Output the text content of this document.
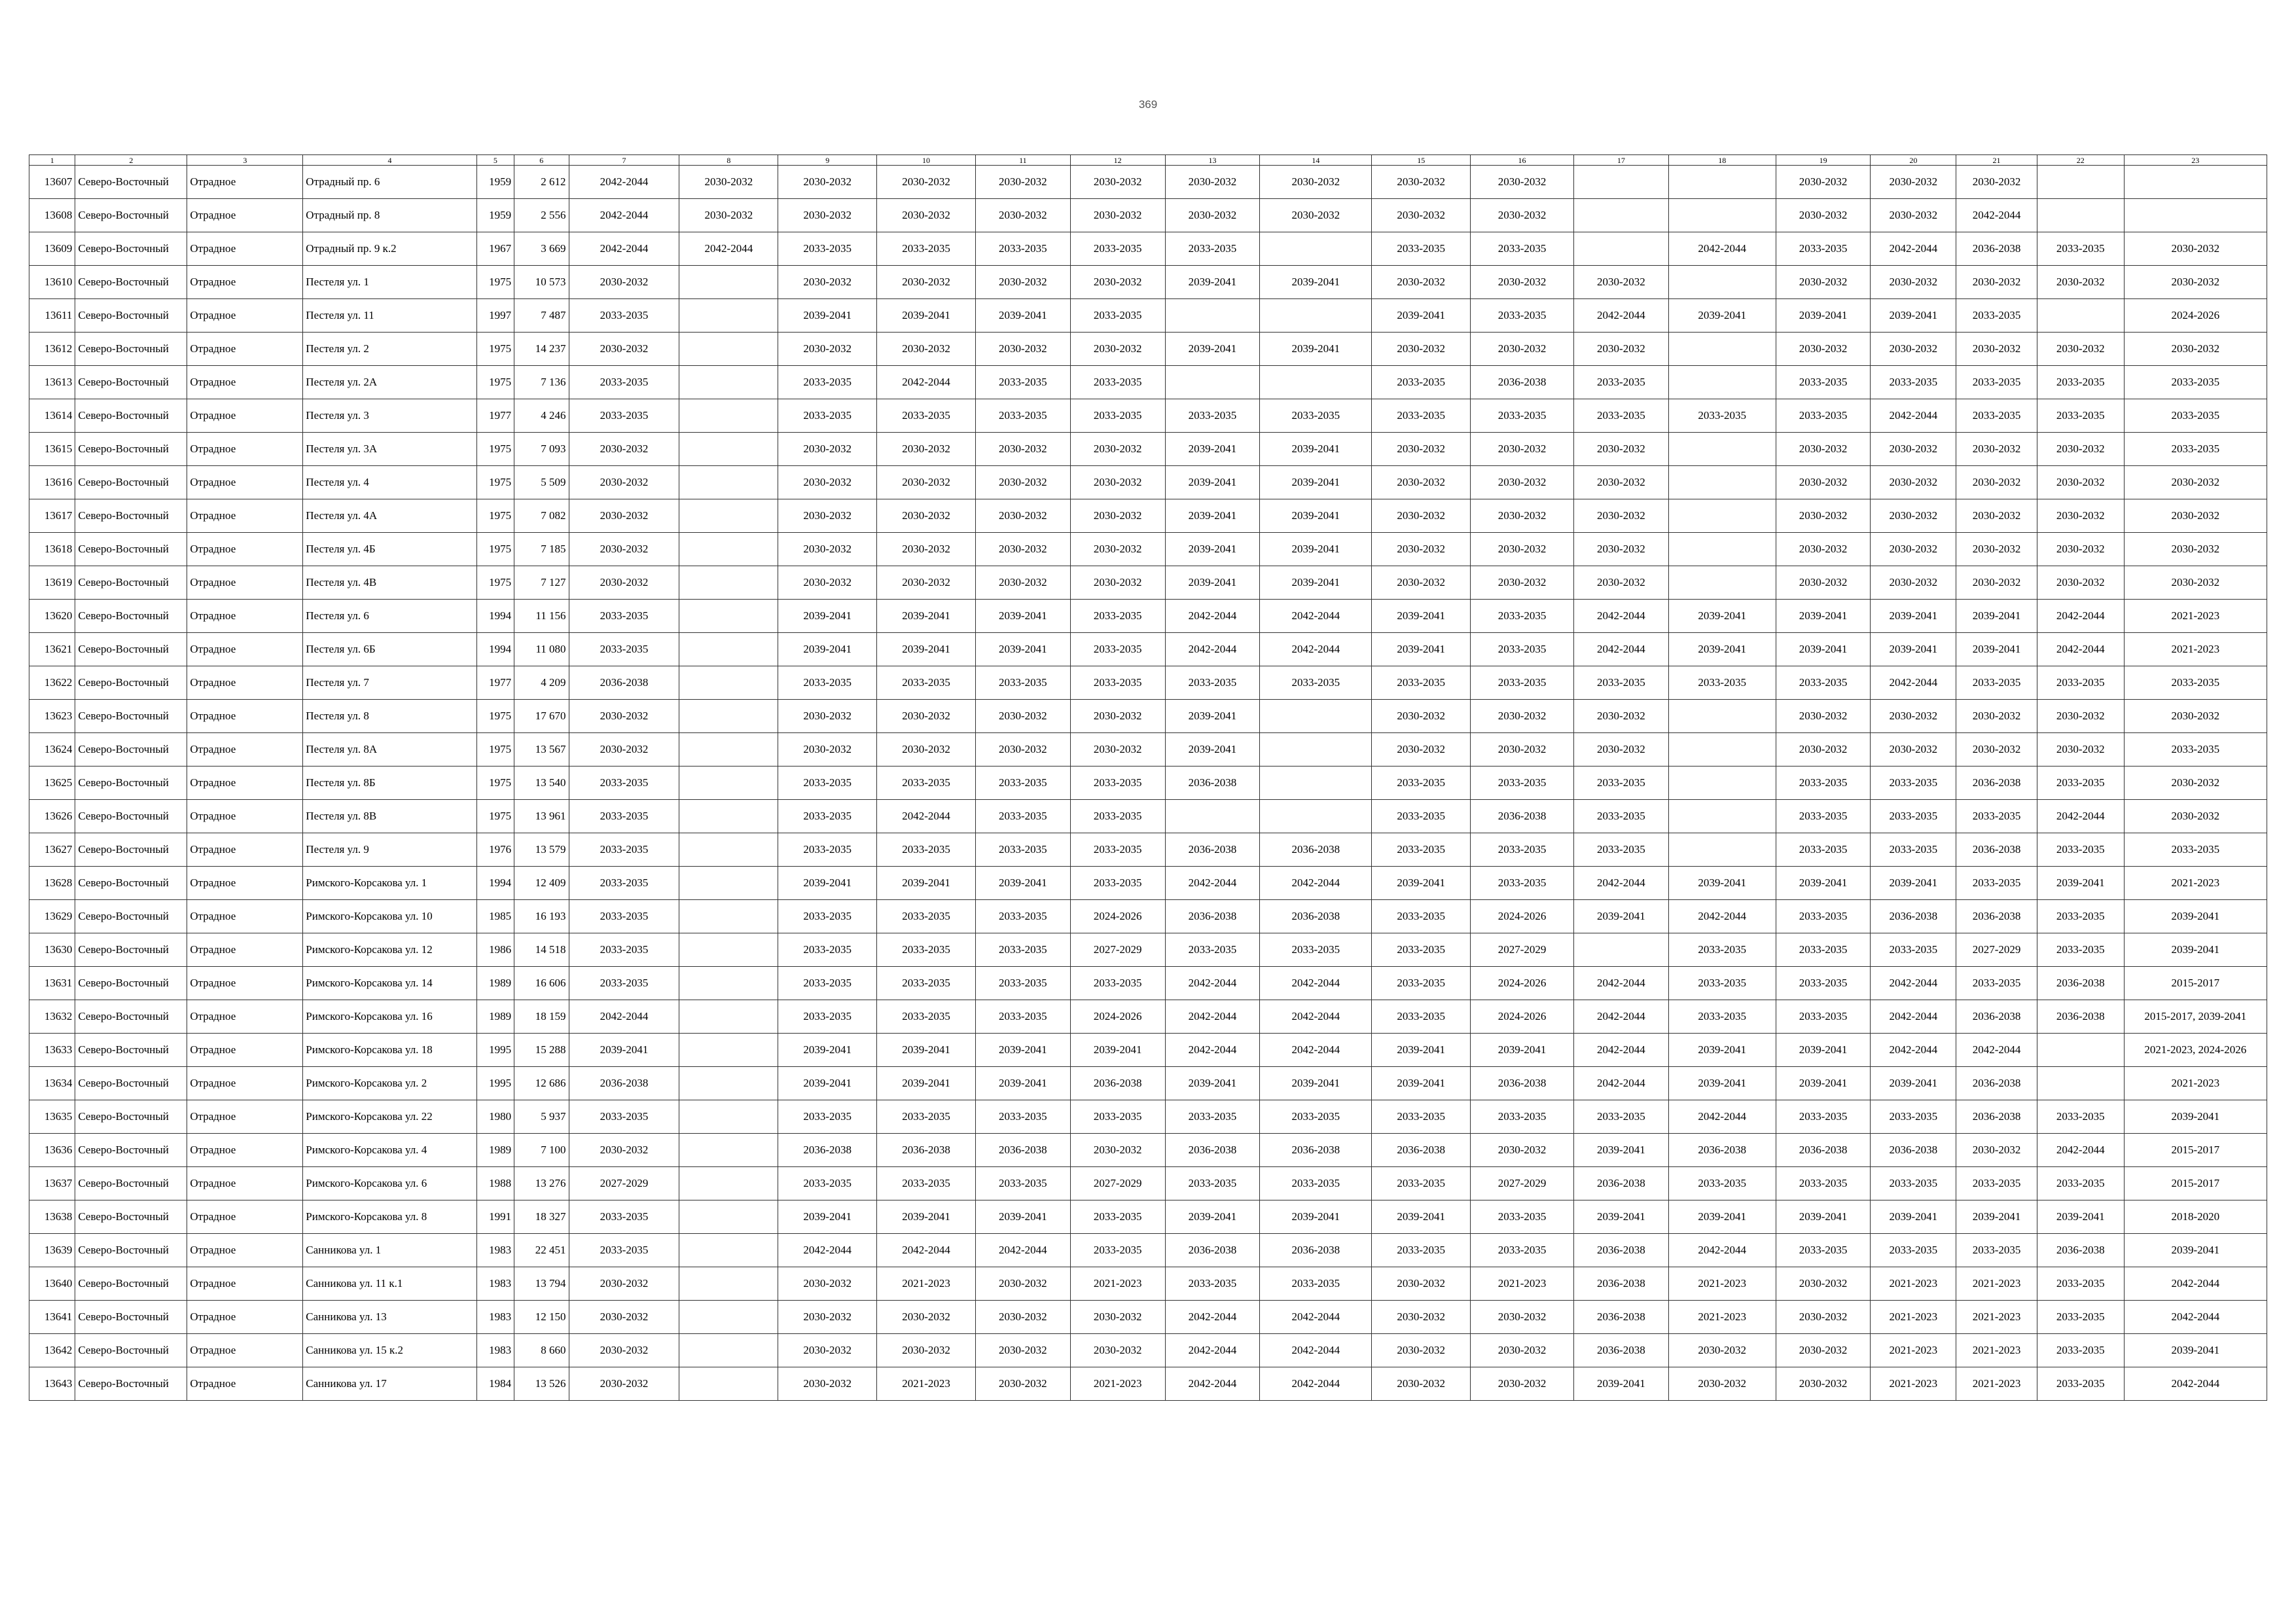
369
1	2	3	4	5	6	7	8	9	10	11	12	13	14	15	16	17	18	19	20	21	22	23
13607	Северо-Восточный	Отрадное	Отрадный пр. 6	1959	2 612	2042-2044	2030-2032	2030-2032	2030-2032	2030-2032	2030-2032	2030-2032	2030-2032	2030-2032	2030-2032			2030-2032	2030-2032	2030-2032		
13608	Северо-Восточный	Отрадное	Отрадный пр. 8	1959	2 556	2042-2044	2030-2032	2030-2032	2030-2032	2030-2032	2030-2032	2030-2032	2030-2032	2030-2032	2030-2032			2030-2032	2030-2032	2042-2044		
13609	Северо-Восточный	Отрадное	Отрадный пр. 9 к.2	1967	3 669	2042-2044	2042-2044	2033-2035	2033-2035	2033-2035	2033-2035	2033-2035		2033-2035	2033-2035		2042-2044	2033-2035	2042-2044	2036-2038	2033-2035	2030-2032
13610	Северо-Восточный	Отрадное	Пестеля ул. 1	1975	10 573	2030-2032		2030-2032	2030-2032	2030-2032	2030-2032	2039-2041	2039-2041	2030-2032	2030-2032	2030-2032		2030-2032	2030-2032	2030-2032	2030-2032	2030-2032
13611	Северо-Восточный	Отрадное	Пестеля ул. 11	1997	7 487	2033-2035		2039-2041	2039-2041	2039-2041	2033-2035			2039-2041	2033-2035	2042-2044	2039-2041	2039-2041	2039-2041	2033-2035		2024-2026
13612	Северо-Восточный	Отрадное	Пестеля ул. 2	1975	14 237	2030-2032		2030-2032	2030-2032	2030-2032	2030-2032	2039-2041	2039-2041	2030-2032	2030-2032	2030-2032		2030-2032	2030-2032	2030-2032	2030-2032	2030-2032
13613	Северо-Восточный	Отрадное	Пестеля ул. 2А	1975	7 136	2033-2035		2033-2035	2042-2044	2033-2035	2033-2035			2033-2035	2036-2038	2033-2035		2033-2035	2033-2035	2033-2035	2033-2035	2033-2035
13614	Северо-Восточный	Отрадное	Пестеля ул. 3	1977	4 246	2033-2035		2033-2035	2033-2035	2033-2035	2033-2035	2033-2035	2033-2035	2033-2035	2033-2035	2033-2035	2033-2035	2033-2035	2042-2044	2033-2035	2033-2035	2033-2035
13615	Северо-Восточный	Отрадное	Пестеля ул. 3А	1975	7 093	2030-2032		2030-2032	2030-2032	2030-2032	2030-2032	2039-2041	2039-2041	2030-2032	2030-2032	2030-2032		2030-2032	2030-2032	2030-2032	2030-2032	2033-2035
13616	Северо-Восточный	Отрадное	Пестеля ул. 4	1975	5 509	2030-2032		2030-2032	2030-2032	2030-2032	2030-2032	2039-2041	2039-2041	2030-2032	2030-2032	2030-2032		2030-2032	2030-2032	2030-2032	2030-2032	2030-2032
13617	Северо-Восточный	Отрадное	Пестеля ул. 4А	1975	7 082	2030-2032		2030-2032	2030-2032	2030-2032	2030-2032	2039-2041	2039-2041	2030-2032	2030-2032	2030-2032		2030-2032	2030-2032	2030-2032	2030-2032	2030-2032
13618	Северо-Восточный	Отрадное	Пестеля ул. 4Б	1975	7 185	2030-2032		2030-2032	2030-2032	2030-2032	2030-2032	2039-2041	2039-2041	2030-2032	2030-2032	2030-2032		2030-2032	2030-2032	2030-2032	2030-2032	2030-2032
13619	Северо-Восточный	Отрадное	Пестеля ул. 4В	1975	7 127	2030-2032		2030-2032	2030-2032	2030-2032	2030-2032	2039-2041	2039-2041	2030-2032	2030-2032	2030-2032		2030-2032	2030-2032	2030-2032	2030-2032	2030-2032
13620	Северо-Восточный	Отрадное	Пестеля ул. 6	1994	11 156	2033-2035		2039-2041	2039-2041	2039-2041	2033-2035	2042-2044	2042-2044	2039-2041	2033-2035	2042-2044	2039-2041	2039-2041	2039-2041	2039-2041	2042-2044	2021-2023
13621	Северо-Восточный	Отрадное	Пестеля ул. 6Б	1994	11 080	2033-2035		2039-2041	2039-2041	2039-2041	2033-2035	2042-2044	2042-2044	2039-2041	2033-2035	2042-2044	2039-2041	2039-2041	2039-2041	2039-2041	2042-2044	2021-2023
13622	Северо-Восточный	Отрадное	Пестеля ул. 7	1977	4 209	2036-2038		2033-2035	2033-2035	2033-2035	2033-2035	2033-2035	2033-2035	2033-2035	2033-2035	2033-2035	2033-2035	2033-2035	2042-2044	2033-2035	2033-2035	2033-2035
13623	Северо-Восточный	Отрадное	Пестеля ул. 8	1975	17 670	2030-2032		2030-2032	2030-2032	2030-2032	2030-2032	2039-2041		2030-2032	2030-2032	2030-2032		2030-2032	2030-2032	2030-2032	2030-2032	2030-2032
13624	Северо-Восточный	Отрадное	Пестеля ул. 8А	1975	13 567	2030-2032		2030-2032	2030-2032	2030-2032	2030-2032	2039-2041		2030-2032	2030-2032	2030-2032		2030-2032	2030-2032	2030-2032	2030-2032	2033-2035
13625	Северо-Восточный	Отрадное	Пестеля ул. 8Б	1975	13 540	2033-2035		2033-2035	2033-2035	2033-2035	2033-2035	2036-2038		2033-2035	2033-2035	2033-2035		2033-2035	2033-2035	2036-2038	2033-2035	2030-2032
13626	Северо-Восточный	Отрадное	Пестеля ул. 8В	1975	13 961	2033-2035		2033-2035	2042-2044	2033-2035	2033-2035			2033-2035	2036-2038	2033-2035		2033-2035	2033-2035	2033-2035	2042-2044	2030-2032
13627	Северо-Восточный	Отрадное	Пестеля ул. 9	1976	13 579	2033-2035		2033-2035	2033-2035	2033-2035	2033-2035	2036-2038	2036-2038	2033-2035	2033-2035	2033-2035		2033-2035	2033-2035	2036-2038	2033-2035	2033-2035
13628	Северо-Восточный	Отрадное	Римского-Корсакова ул. 1	1994	12 409	2033-2035		2039-2041	2039-2041	2039-2041	2033-2035	2042-2044	2042-2044	2039-2041	2033-2035	2042-2044	2039-2041	2039-2041	2039-2041	2033-2035	2039-2041	2021-2023
13629	Северо-Восточный	Отрадное	Римского-Корсакова ул. 10	1985	16 193	2033-2035		2033-2035	2033-2035	2033-2035	2024-2026	2036-2038	2036-2038	2033-2035	2024-2026	2039-2041	2042-2044	2033-2035	2036-2038	2036-2038	2033-2035	2039-2041
13630	Северо-Восточный	Отрадное	Римского-Корсакова ул. 12	1986	14 518	2033-2035		2033-2035	2033-2035	2033-2035	2027-2029	2033-2035	2033-2035	2033-2035	2027-2029		2033-2035	2033-2035	2033-2035	2027-2029	2033-2035	2039-2041
13631	Северо-Восточный	Отрадное	Римского-Корсакова ул. 14	1989	16 606	2033-2035		2033-2035	2033-2035	2033-2035	2033-2035	2042-2044	2042-2044	2033-2035	2024-2026	2042-2044	2033-2035	2033-2035	2042-2044	2033-2035	2036-2038	2015-2017
13632	Северо-Восточный	Отрадное	Римского-Корсакова ул. 16	1989	18 159	2042-2044		2033-2035	2033-2035	2033-2035	2024-2026	2042-2044	2042-2044	2033-2035	2024-2026	2042-2044	2033-2035	2033-2035	2042-2044	2036-2038	2036-2038	2015-2017, 2039-2041
13633	Северо-Восточный	Отрадное	Римского-Корсакова ул. 18	1995	15 288	2039-2041		2039-2041	2039-2041	2039-2041	2039-2041	2042-2044	2042-2044	2039-2041	2039-2041	2042-2044	2039-2041	2039-2041	2042-2044	2042-2044		2021-2023, 2024-2026
13634	Северо-Восточный	Отрадное	Римского-Корсакова ул. 2	1995	12 686	2036-2038		2039-2041	2039-2041	2039-2041	2036-2038	2039-2041	2039-2041	2039-2041	2036-2038	2042-2044	2039-2041	2039-2041	2039-2041	2036-2038		2021-2023
13635	Северо-Восточный	Отрадное	Римского-Корсакова ул. 22	1980	5 937	2033-2035		2033-2035	2033-2035	2033-2035	2033-2035	2033-2035	2033-2035	2033-2035	2033-2035	2033-2035	2042-2044	2033-2035	2033-2035	2036-2038	2033-2035	2039-2041
13636	Северо-Восточный	Отрадное	Римского-Корсакова ул. 4	1989	7 100	2030-2032		2036-2038	2036-2038	2036-2038	2030-2032	2036-2038	2036-2038	2036-2038	2030-2032	2039-2041	2036-2038	2036-2038	2036-2038	2030-2032	2042-2044	2015-2017
13637	Северо-Восточный	Отрадное	Римского-Корсакова ул. 6	1988	13 276	2027-2029		2033-2035	2033-2035	2033-2035	2027-2029	2033-2035	2033-2035	2033-2035	2027-2029	2036-2038	2033-2035	2033-2035	2033-2035	2033-2035	2033-2035	2015-2017
13638	Северо-Восточный	Отрадное	Римского-Корсакова ул. 8	1991	18 327	2033-2035		2039-2041	2039-2041	2039-2041	2033-2035	2039-2041	2039-2041	2039-2041	2033-2035	2039-2041	2039-2041	2039-2041	2039-2041	2039-2041	2039-2041	2018-2020
13639	Северо-Восточный	Отрадное	Санникова ул. 1	1983	22 451	2033-2035		2042-2044	2042-2044	2042-2044	2033-2035	2036-2038	2036-2038	2033-2035	2033-2035	2036-2038	2042-2044	2033-2035	2033-2035	2033-2035	2036-2038	2039-2041
13640	Северо-Восточный	Отрадное	Санникова ул. 11 к.1	1983	13 794	2030-2032		2030-2032	2021-2023	2030-2032	2021-2023	2033-2035	2033-2035	2030-2032	2021-2023	2036-2038	2021-2023	2030-2032	2021-2023	2021-2023	2033-2035	2042-2044
13641	Северо-Восточный	Отрадное	Санникова ул. 13	1983	12 150	2030-2032		2030-2032	2030-2032	2030-2032	2030-2032	2042-2044	2042-2044	2030-2032	2030-2032	2036-2038	2021-2023	2030-2032	2021-2023	2021-2023	2033-2035	2042-2044
13642	Северо-Восточный	Отрадное	Санникова ул. 15 к.2	1983	8 660	2030-2032		2030-2032	2030-2032	2030-2032	2030-2032	2042-2044	2042-2044	2030-2032	2030-2032	2036-2038	2030-2032	2030-2032	2021-2023	2021-2023	2033-2035	2039-2041
13643	Северо-Восточный	Отрадное	Санникова ул. 17	1984	13 526	2030-2032		2030-2032	2021-2023	2030-2032	2021-2023	2042-2044	2042-2044	2030-2032	2030-2032	2039-2041	2030-2032	2030-2032	2021-2023	2021-2023	2033-2035	2042-2044
